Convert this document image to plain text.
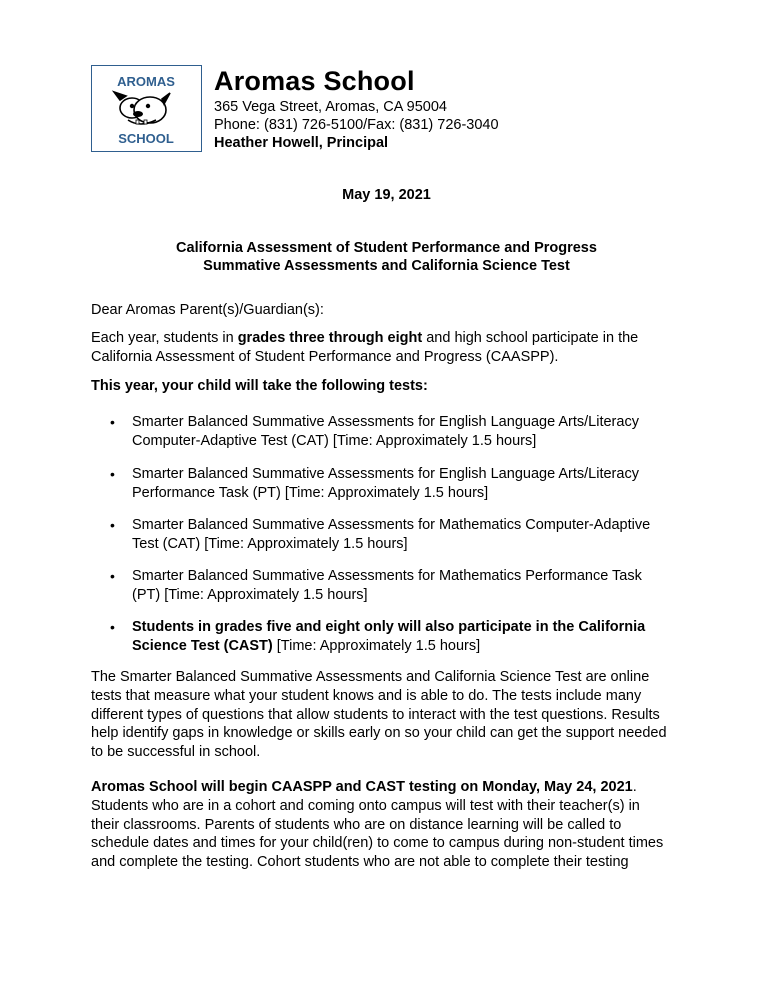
AROMAS
SCHOOL
Aromas School
365 Vega Street, Aromas, CA 95004
Phone: (831) 726-5100/Fax: (831) 726-3040
Heather Howell, Principal
May 19, 2021
California Assessment of Student Performance and Progress
Summative Assessments and California Science Test
Dear Aromas Parent(s)/Guardian(s):
Each year, students in grades three through eight and high school participate in the
California Assessment of Student Performance and Progress (CAASPP).
This year, your child will take the following tests:
•	Smarter Balanced Summative Assessments for English Language Arts/Literacy
Computer-Adaptive Test (CAT) [Time: Approximately 1.5 hours]
•	Smarter Balanced Summative Assessments for English Language Arts/Literacy
Performance Task (PT) [Time: Approximately 1.5 hours]
•	Smarter Balanced Summative Assessments for Mathematics Computer-Adaptive
Test (CAT) [Time: Approximately 1.5 hours]
•	Smarter Balanced Summative Assessments for Mathematics Performance Task
(PT) [Time: Approximately 1.5 hours]
•	Students in grades five and eight only will also participate in the California
Science Test (CAST) [Time: Approximately 1.5 hours]
The Smarter Balanced Summative Assessments and California Science Test are online
tests that measure what your student knows and is able to do. The tests include many
different types of questions that allow students to interact with the test questions. Results
help identify gaps in knowledge or skills early on so your child can get the support needed
to be successful in school.
Aromas School will begin CAASPP and CAST testing on Monday, May 24, 2021.
Students who are in a cohort and coming onto campus will test with their teacher(s) in
their classrooms. Parents of students who are on distance learning will be called to
schedule dates and times for your child(ren) to come to campus during non-student times
and complete the testing. Cohort students who are not able to complete their testing
